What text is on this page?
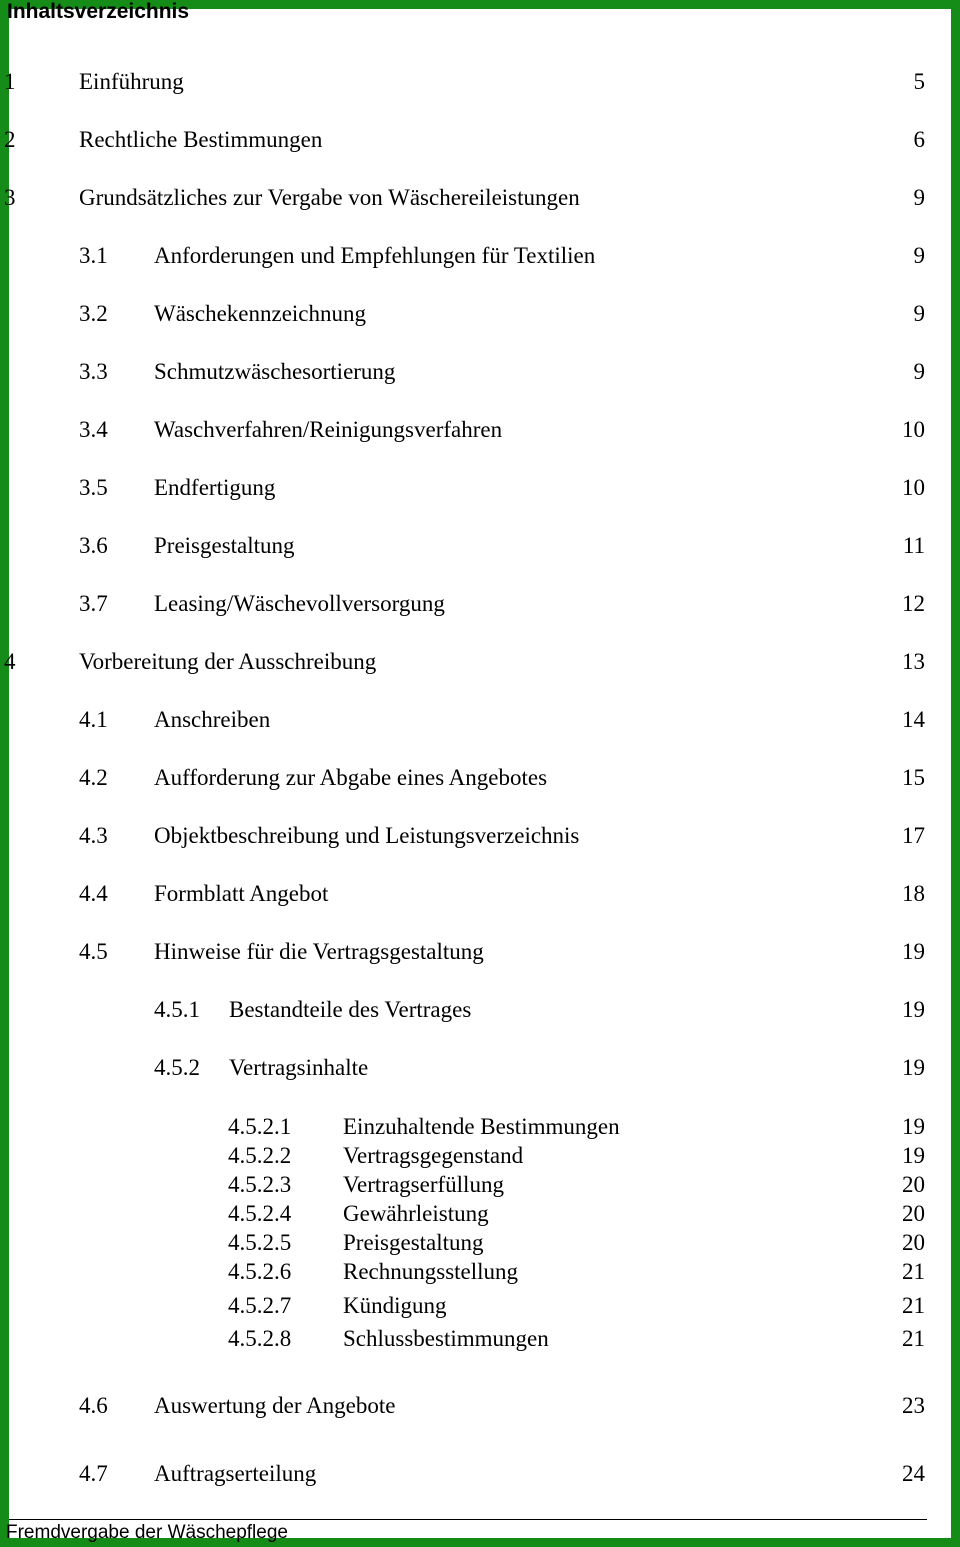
Inhaltsverzeichnis
1	Einführung	5
2	Rechtliche Bestimmungen	6
3	Grundsätzliches zur Vergabe von Wäschereileistungen	9
3.1 Anforderungen und Empfehlungen für Textilien	9
3.2 Wäschekennzeichnung	9
3.3 Schmutzwäschesortierung	9
3.4 Waschverfahren/Reinigungsverfahren	10
3.5 Endfertigung	10
3.6 Preisgestaltung	11
3.7 Leasing/Wäschevollversorgung	12
4	Vorbereitung der Ausschreibung	13
4.1 Anschreiben	14
4.2 Aufforderung zur Abgabe eines Angebotes	15
4.3 Objektbeschreibung und Leistungsverzeichnis	17
4.4 Formblatt Angebot	18
4.5 Hinweise für die Vertragsgestaltung	19
4.5.1 Bestandteile des Vertrages	19
4.5.2 Vertragsinhalte	19
4.5.2.1 Einzuhaltende Bestimmungen	19
4.5.2.2 Vertragsgegenstand	19
4.5.2.3 Vertragserfüllung	20
4.5.2.4 Gewährleistung	20
4.5.2.5 Preisgestaltung	20
4.5.2.6 Rechnungsstellung	21
4.5.2.7 Kündigung	21
4.5.2.8 Schlussbestimmungen	21
4.6 Auswertung der Angebote	23
4.7 Auftragserteilung	24
Fremdvergabe der Wäschepflege
